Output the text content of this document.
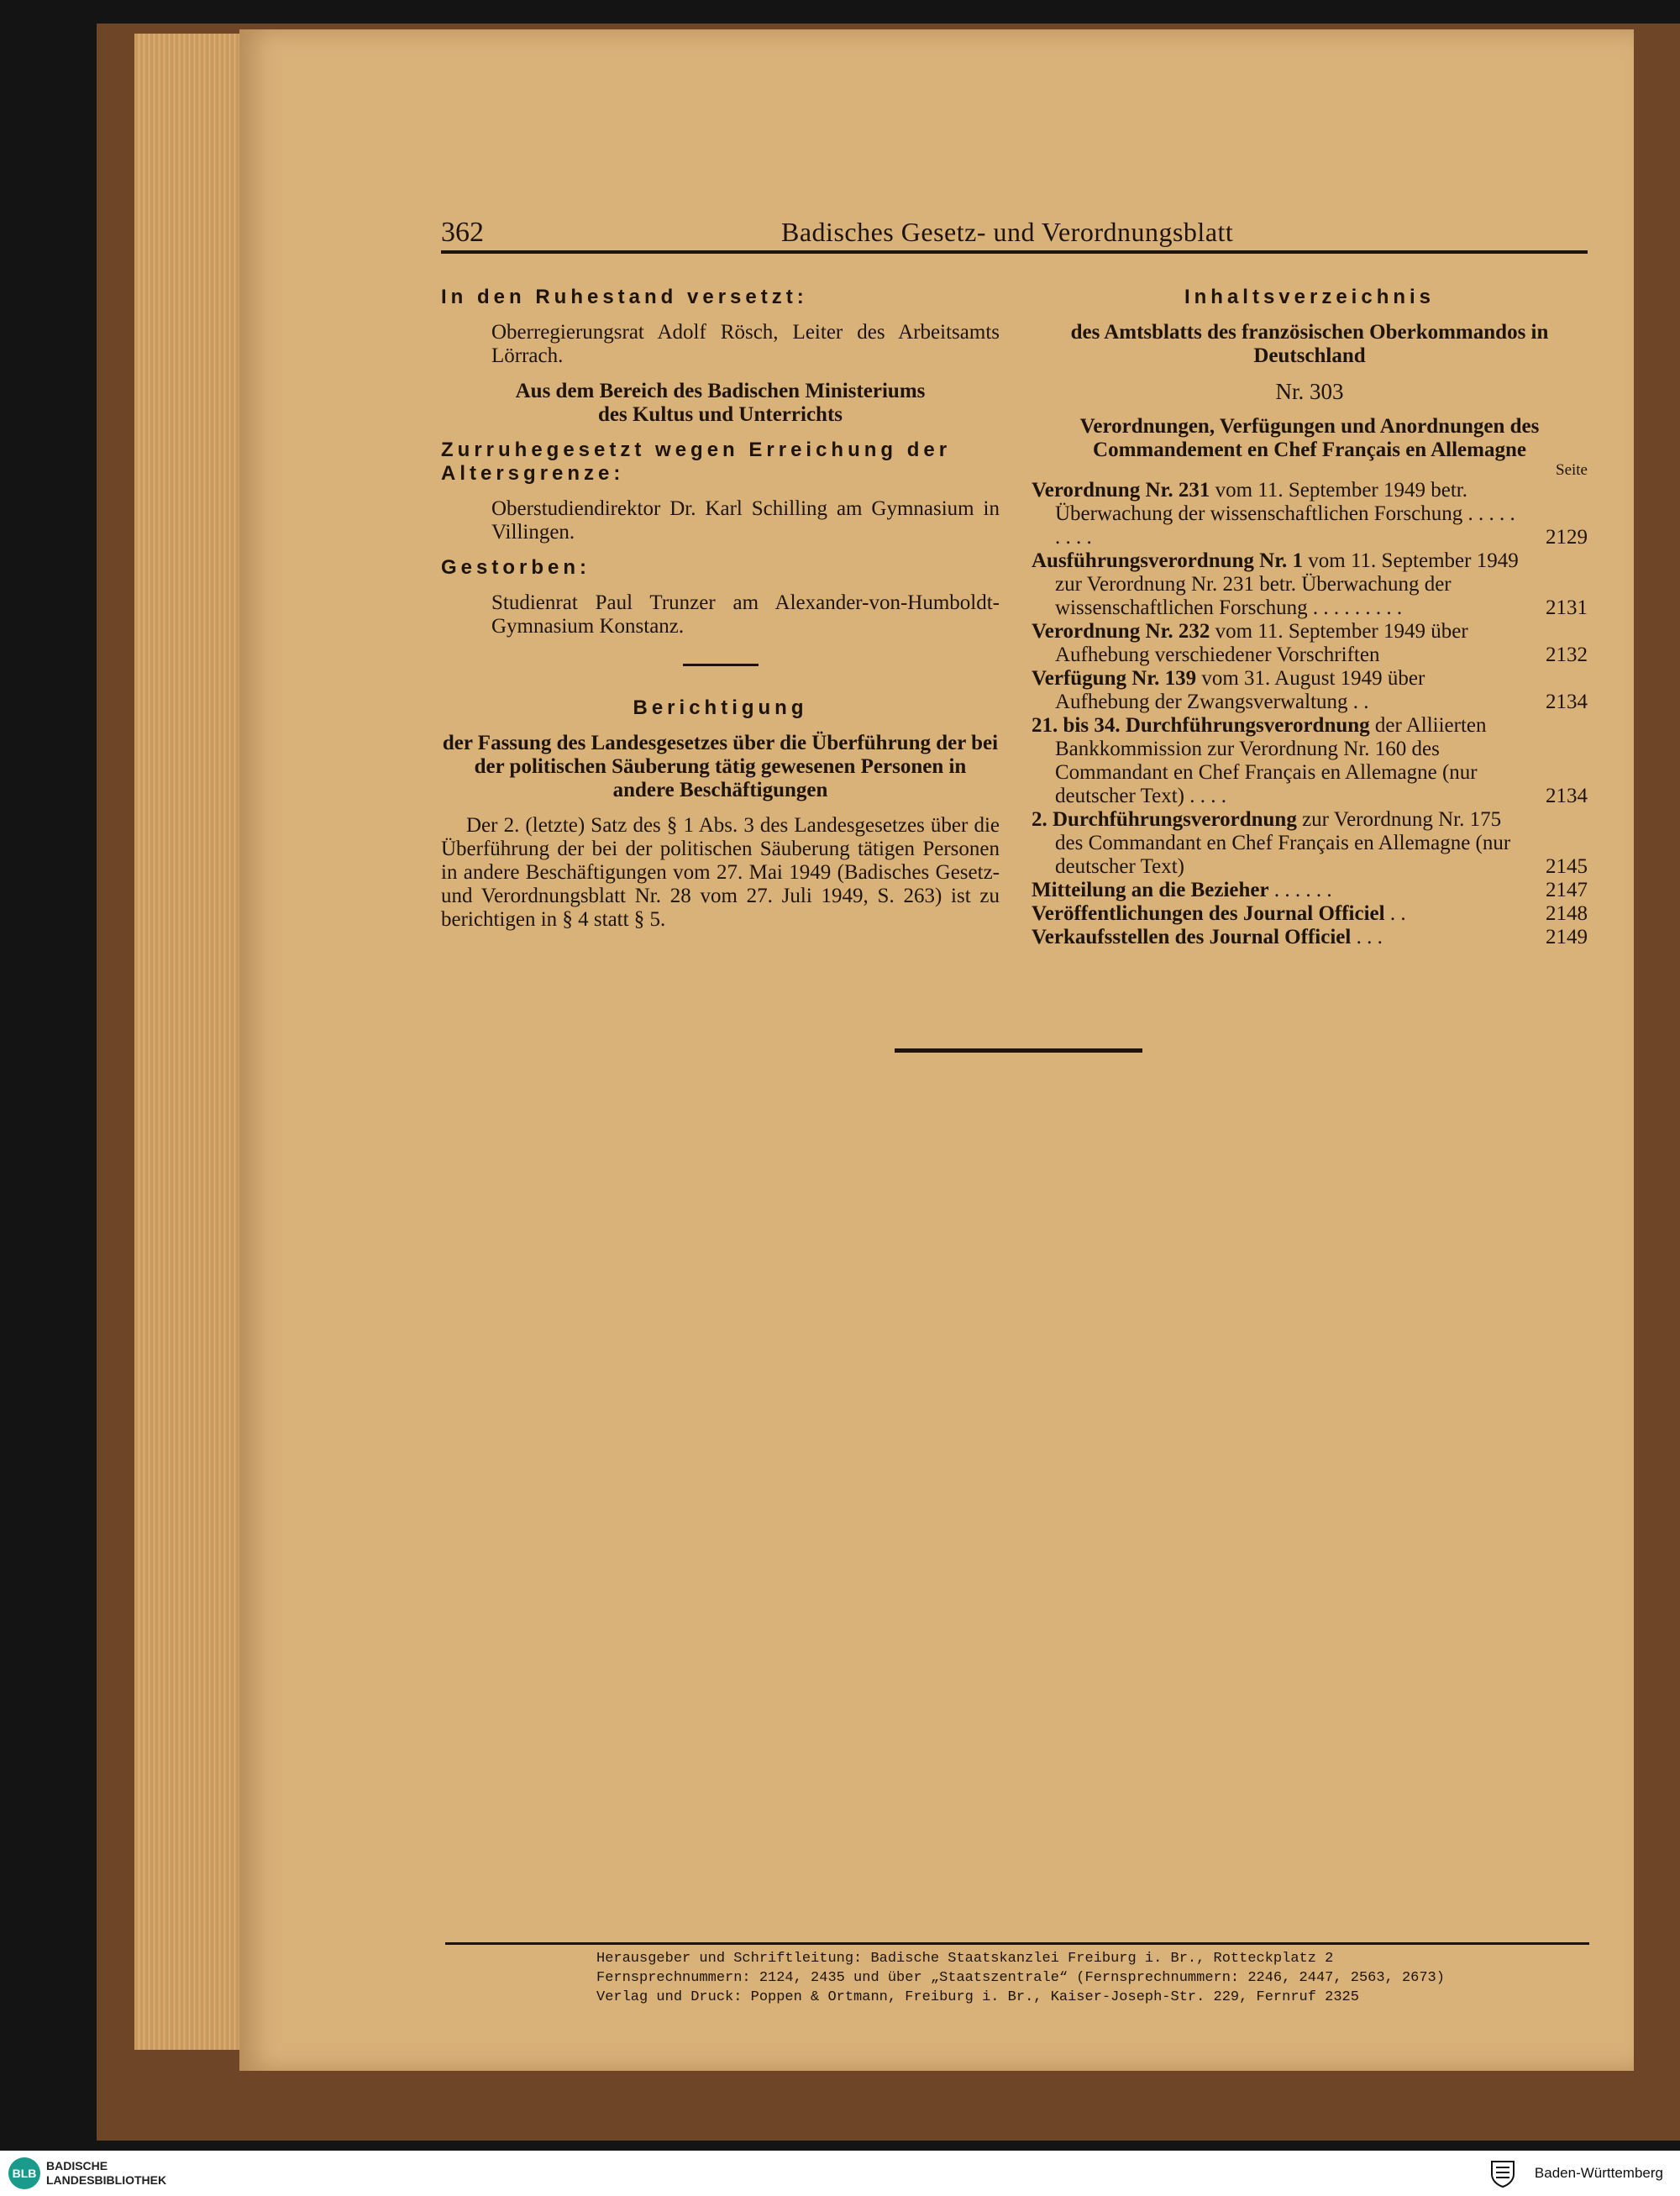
362	Badisches Gesetz- und Verordnungsblatt

In den Ruhestand versetzt:

Oberregierungsrat Adolf Rösch, Leiter des Arbeitsamts Lörrach.

Aus dem Bereich des Badischen Ministeriums

des Kultus und Unterrichts

Zurruhegesetzt wegen Erreichung der Altersgrenze:

Oberstudiendirektor Dr. Karl Schilling am Gymnasium in Villingen.

Gestorben:

Studienrat Paul Trunzer am Alexander-von-Humboldt-Gymnasium Konstanz.

Berichtigung

der Fassung des Landesgesetzes über die Überführung der bei der politischen Säuberung tätig gewesenen Personen in andere Beschäftigungen

Der 2. (letzte) Satz des § 1 Abs. 3 des Landesgesetzes über die Überführung der bei der politischen Säuberung tätigen Personen in andere Beschäftigungen vom 27. Mai 1949 (Badisches Gesetz- und Verordnungsblatt Nr. 28 vom 27. Juli 1949, S. 263) ist zu berichtigen in § 4 statt § 5.

Inhaltsverzeichnis

des Amtsblatts des französischen Oberkommandos in Deutschland

Nr. 303

Verordnungen, Verfügungen und Anordnungen des Commandement en Chef Français en Allemagne

Seite

Verordnung Nr. 231 vom 11. September 1949 betr. Überwachung der wissenschaftlichen Forschung . . . . . . . . .	2129
Ausführungsverordnung Nr. 1 vom 11. September 1949 zur Verordnung Nr. 231 betr. Überwachung der wissenschaftlichen Forschung . . . . . . . . .	2131
Verordnung Nr. 232 vom 11. September 1949 über Aufhebung verschiedener Vorschriften	2132
Verfügung Nr. 139 vom 31. August 1949 über Aufhebung der Zwangsverwaltung . .	2134
21. bis 34. Durchführungsverordnung der Alliierten Bankkommission zur Verordnung Nr. 160 des Commandant en Chef Français en Allemagne (nur deutscher Text) . . . .	2134
2. Durchführungsverordnung zur Verordnung Nr. 175 des Commandant en Chef Français en Allemagne (nur deutscher Text)	2145
Mitteilung an die Bezieher . . . . . .	2147
Veröffentlichungen des Journal Officiel . .	2148
Verkaufsstellen des Journal Officiel . . .	2149
Herausgeber und Schriftleitung: Badische Staatskanzlei Freiburg i. Br., Rotteckplatz 2
Fernsprechnummern: 2124, 2435 und über „Staatszentrale“ (Fernsprechnummern: 2246, 2447, 2563, 2673)
Verlag und Druck: Poppen & Ortmann, Freiburg i. Br., Kaiser-Joseph-Str. 229, Fernruf 2325
BLB
BADISCHE
LANDESBIBLIOTHEK	Baden-Württemberg
